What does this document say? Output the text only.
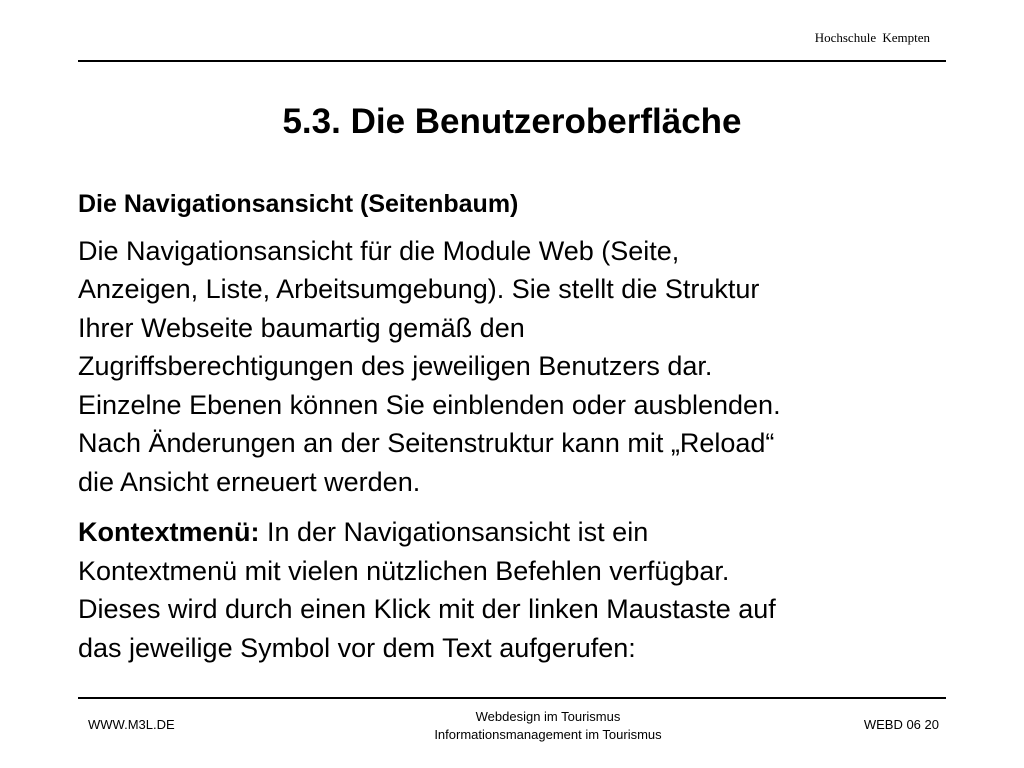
Hochschule Kempten
5.3. Die Benutzeroberfläche

Die Navigationsansicht (Seitenbaum)

Die Navigationsansicht für die Module Web (Seite,
Anzeigen, Liste, Arbeitsumgebung). Sie stellt die Struktur
Ihrer Webseite baumartig gemäß den
Zugriffsberechtigungen des jeweiligen Benutzers dar.
Einzelne Ebenen können Sie einblenden oder ausblenden.
Nach Änderungen an der Seitenstruktur kann mit „Reload“
die Ansicht erneuert werden.

Kontextmenü: In der Navigationsansicht ist ein
Kontextmenü mit vielen nützlichen Befehlen verfügbar.
Dieses wird durch einen Klick mit der linken Maustaste auf
das jeweilige Symbol vor dem Text aufgerufen:

WWW.M3L.DE
Webdesign im Tourismus
Informationsmanagement im Tourismus
WEBD 06 20
